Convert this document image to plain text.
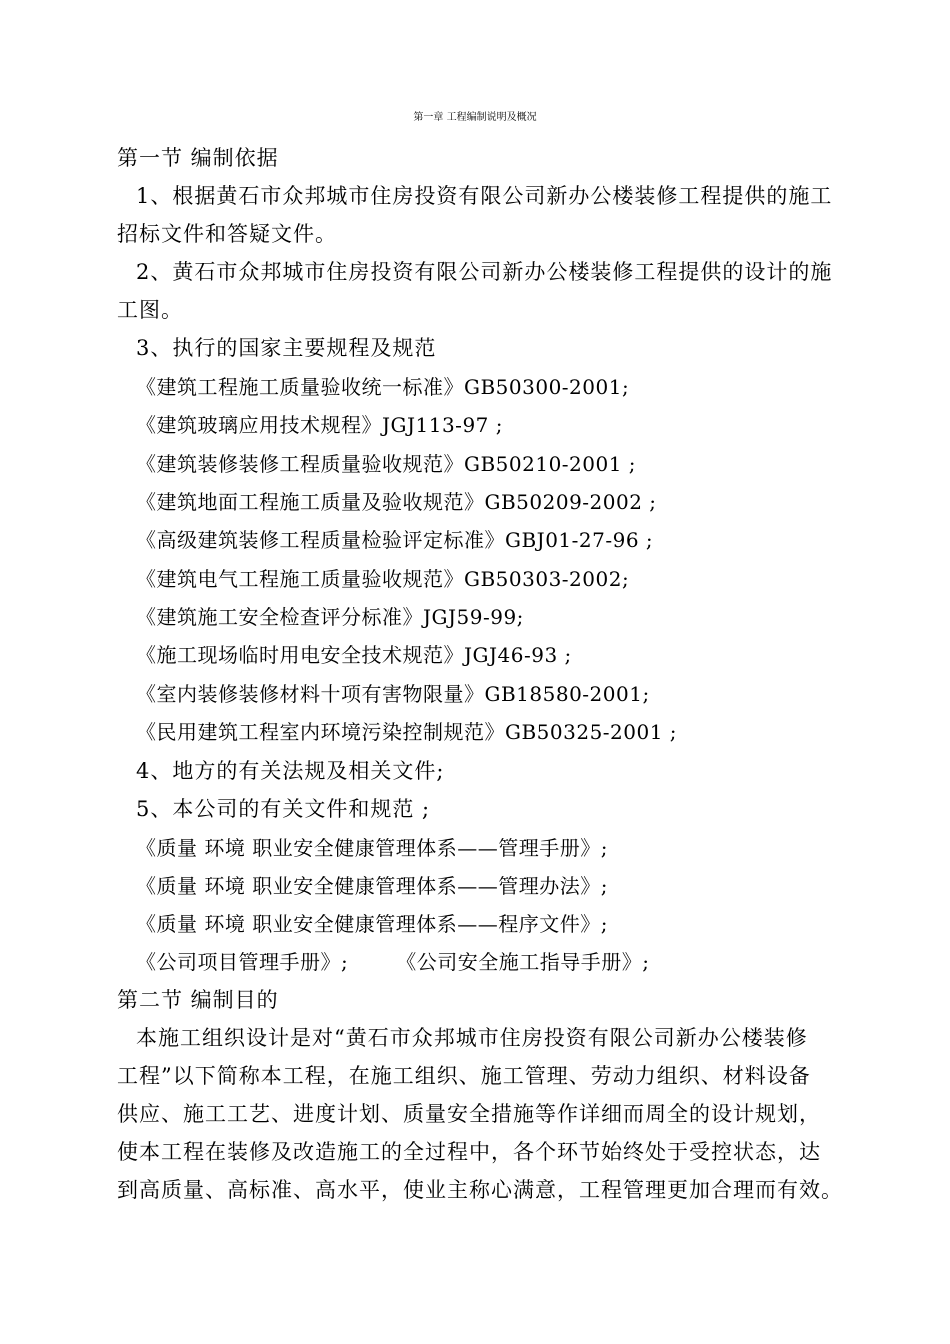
第一章 工程编制说明及概况
第一节 编制依据
1、根据黄石市众邦城市住房投资有限公司新办公楼装修工程提供的施工
招标文件和答疑文件。
2、黄石市众邦城市住房投资有限公司新办公楼装修工程提供的设计的施
工图。
3、执行的国家主要规程及规范
《建筑工程施工质量验收统一标准》GB50300-2001;
《建筑玻璃应用技术规程》JGJ113-97 ;
《建筑装修装修工程质量验收规范》GB50210-2001 ;
《建筑地面工程施工质量及验收规范》GB50209-2002 ;
《高级建筑装修工程质量检验评定标准》GBJ01-27-96 ;
《建筑电气工程施工质量验收规范》GB50303-2002;
《建筑施工安全检查评分标准》JGJ59-99;
《施工现场临时用电安全技术规范》JGJ46-93 ;
《室内装修装修材料十项有害物限量》GB18580-2001;
《民用建筑工程室内环境污染控制规范》GB50325-2001 ;
4、地方的有关法规及相关文件;
5、本公司的有关文件和规范 ;
《质量 环境 职业安全健康管理体系——管理手册》;
《质量 环境 职业安全健康管理体系——管理办法》;
《质量 环境 职业安全健康管理体系——程序文件》;
《公司项目管理手册》;       《公司安全施工指导手册》;
第二节 编制目的
本施工组织设计是对“黄石市众邦城市住房投资有限公司新办公楼装修
工程”以下简称本工程，在施工组织、施工管理、劳动力组织、材料设备
供应、施工工艺、进度计划、质量安全措施等作详细而周全的设计规划，
使本工程在装修及改造施工的全过程中，各个环节始终处于受控状态，达
到高质量、高标准、高水平，使业主称心满意，工程管理更加合理而有效。
